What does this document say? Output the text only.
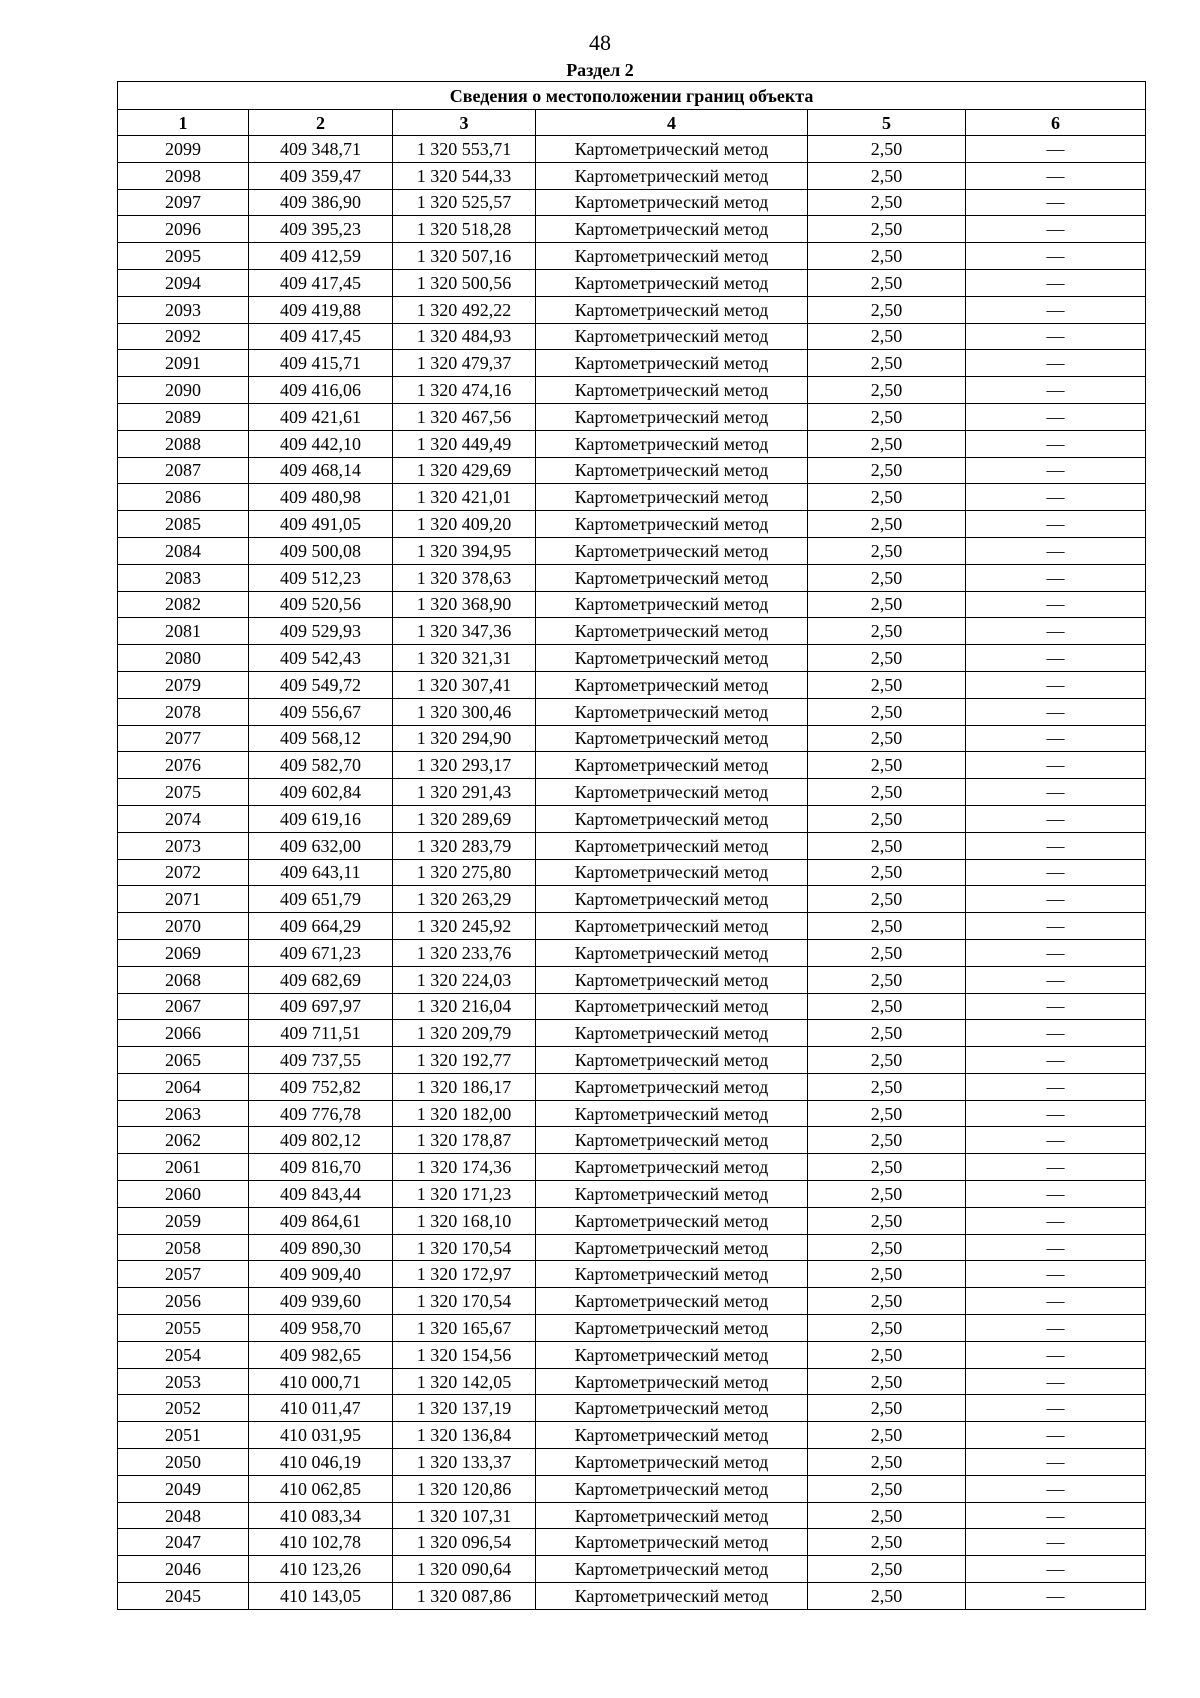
48
Раздел 2
Сведения о местоположении границ объекта					
1	2	3	4	5	6
2099	409 348,71	1 320 553,71	Картометрический метод	2,50	—
2098	409 359,47	1 320 544,33	Картометрический метод	2,50	—
2097	409 386,90	1 320 525,57	Картометрический метод	2,50	—
2096	409 395,23	1 320 518,28	Картометрический метод	2,50	—
2095	409 412,59	1 320 507,16	Картометрический метод	2,50	—
2094	409 417,45	1 320 500,56	Картометрический метод	2,50	—
2093	409 419,88	1 320 492,22	Картометрический метод	2,50	—
2092	409 417,45	1 320 484,93	Картометрический метод	2,50	—
2091	409 415,71	1 320 479,37	Картометрический метод	2,50	—
2090	409 416,06	1 320 474,16	Картометрический метод	2,50	—
2089	409 421,61	1 320 467,56	Картометрический метод	2,50	—
2088	409 442,10	1 320 449,49	Картометрический метод	2,50	—
2087	409 468,14	1 320 429,69	Картометрический метод	2,50	—
2086	409 480,98	1 320 421,01	Картометрический метод	2,50	—
2085	409 491,05	1 320 409,20	Картометрический метод	2,50	—
2084	409 500,08	1 320 394,95	Картометрический метод	2,50	—
2083	409 512,23	1 320 378,63	Картометрический метод	2,50	—
2082	409 520,56	1 320 368,90	Картометрический метод	2,50	—
2081	409 529,93	1 320 347,36	Картометрический метод	2,50	—
2080	409 542,43	1 320 321,31	Картометрический метод	2,50	—
2079	409 549,72	1 320 307,41	Картометрический метод	2,50	—
2078	409 556,67	1 320 300,46	Картометрический метод	2,50	—
2077	409 568,12	1 320 294,90	Картометрический метод	2,50	—
2076	409 582,70	1 320 293,17	Картометрический метод	2,50	—
2075	409 602,84	1 320 291,43	Картометрический метод	2,50	—
2074	409 619,16	1 320 289,69	Картометрический метод	2,50	—
2073	409 632,00	1 320 283,79	Картометрический метод	2,50	—
2072	409 643,11	1 320 275,80	Картометрический метод	2,50	—
2071	409 651,79	1 320 263,29	Картометрический метод	2,50	—
2070	409 664,29	1 320 245,92	Картометрический метод	2,50	—
2069	409 671,23	1 320 233,76	Картометрический метод	2,50	—
2068	409 682,69	1 320 224,03	Картометрический метод	2,50	—
2067	409 697,97	1 320 216,04	Картометрический метод	2,50	—
2066	409 711,51	1 320 209,79	Картометрический метод	2,50	—
2065	409 737,55	1 320 192,77	Картометрический метод	2,50	—
2064	409 752,82	1 320 186,17	Картометрический метод	2,50	—
2063	409 776,78	1 320 182,00	Картометрический метод	2,50	—
2062	409 802,12	1 320 178,87	Картометрический метод	2,50	—
2061	409 816,70	1 320 174,36	Картометрический метод	2,50	—
2060	409 843,44	1 320 171,23	Картометрический метод	2,50	—
2059	409 864,61	1 320 168,10	Картометрический метод	2,50	—
2058	409 890,30	1 320 170,54	Картометрический метод	2,50	—
2057	409 909,40	1 320 172,97	Картометрический метод	2,50	—
2056	409 939,60	1 320 170,54	Картометрический метод	2,50	—
2055	409 958,70	1 320 165,67	Картометрический метод	2,50	—
2054	409 982,65	1 320 154,56	Картометрический метод	2,50	—
2053	410 000,71	1 320 142,05	Картометрический метод	2,50	—
2052	410 011,47	1 320 137,19	Картометрический метод	2,50	—
2051	410 031,95	1 320 136,84	Картометрический метод	2,50	—
2050	410 046,19	1 320 133,37	Картометрический метод	2,50	—
2049	410 062,85	1 320 120,86	Картометрический метод	2,50	—
2048	410 083,34	1 320 107,31	Картометрический метод	2,50	—
2047	410 102,78	1 320 096,54	Картометрический метод	2,50	—
2046	410 123,26	1 320 090,64	Картометрический метод	2,50	—
2045	410 143,05	1 320 087,86	Картометрический метод	2,50	—
